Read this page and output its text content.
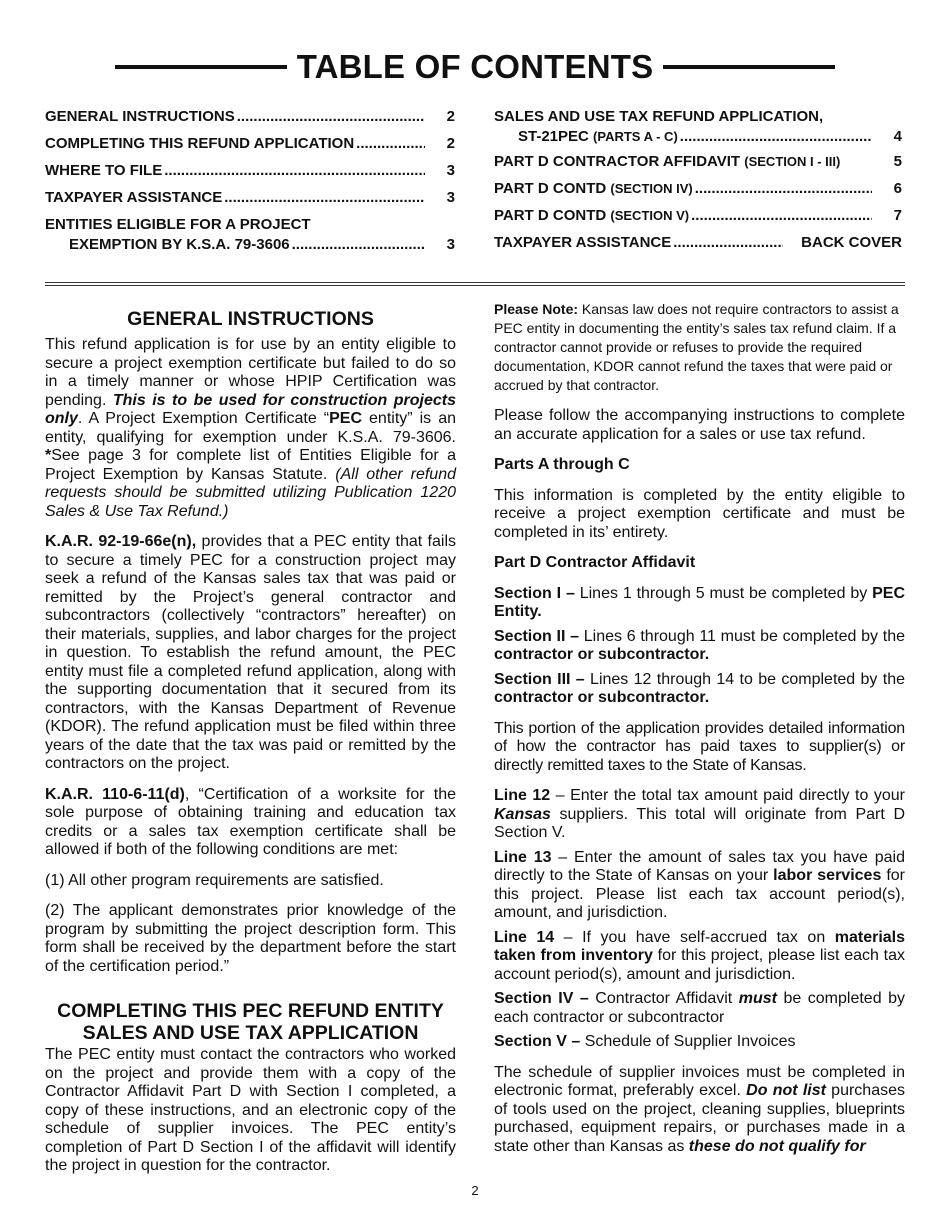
TABLE OF CONTENTS
GENERAL INSTRUCTIONS .....	2
COMPLETING THIS REFUND APPLICATION .....	2
WHERE TO FILE .....	3
TAXPAYER ASSISTANCE .....	3
ENTITIES ELIGIBLE FOR A PROJECT
EXEMPTION BY K.S.A. 79-3606 .....	3
SALES AND USE TAX REFUND APPLICATION,
ST-21PEC (PARTS A - C) .....	4
PART D CONTRACTOR AFFIDAVIT (SECTION I - III)	5
PART D CONTD (SECTION IV) .....	6
PART D CONTD (SECTION V) .....	7
TAXPAYER ASSISTANCE .....	BACK COVER
GENERAL INSTRUCTIONS

This refund application is for use by an entity eligible to secure a project exemption certificate but failed to do so in a timely manner or whose HPIP Certification was pending. This is to be used for construction projects only. A Project Exemption Certificate “PEC entity” is an entity, qualifying for exemption under K.S.A. 79-3606. *See page 3 for complete list of Entities Eligible for a Project Exemption by Kansas Statute. (All other refund requests should be submitted utilizing Publication 1220 Sales & Use Tax Refund.)

K.A.R. 92-19-66e(n), provides that a PEC entity that fails to secure a timely PEC for a construction project may seek a refund of the Kansas sales tax that was paid or remitted by the Project’s general contractor and subcontractors (collectively “contractors” hereafter) on their materials, supplies, and labor charges for the project in question. To establish the refund amount, the PEC entity must file a completed refund application, along with the supporting documentation that it secured from its contractors, with the Kansas Department of Revenue (KDOR). The refund application must be filed within three years of the date that the tax was paid or remitted by the contractors on the project.

K.A.R. 110-6-11(d), “Certification of a worksite for the sole purpose of obtaining training and education tax credits or a sales tax exemption certificate shall be allowed if both of the following conditions are met:

(1) All other program requirements are satisfied.

(2) The applicant demonstrates prior knowledge of the program by submitting the project description form. This form shall be received by the department before the start of the certification period.”

COMPLETING THIS PEC REFUND ENTITY
SALES AND USE TAX APPLICATION

The PEC entity must contact the contractors who worked on the project and provide them with a copy of the Contractor Affidavit Part D with Section I completed, a copy of these instructions, and an electronic copy of the schedule of supplier invoices. The PEC entity’s completion of Part D Section I of the affidavit will identify the project in question for the contractor.

Please Note: Kansas law does not require contractors to assist a PEC entity in documenting the entity’s sales tax refund claim. If a contractor cannot provide or refuses to provide the required documentation, KDOR cannot refund the taxes that were paid or accrued by that contractor.

Please follow the accompanying instructions to complete an accurate application for a sales or use tax refund.

Parts A through C

This information is completed by the entity eligible to receive a project exemption certificate and must be completed in its’ entirety.

Part D Contractor Affidavit

Section I – Lines 1 through 5 must be completed by PEC Entity.

Section II – Lines 6 through 11 must be completed by the contractor or subcontractor.

Section III – Lines 12 through 14 to be completed by the contractor or subcontractor.

This portion of the application provides detailed information of how the contractor has paid taxes to supplier(s) or directly remitted taxes to the State of Kansas.

Line 12 – Enter the total tax amount paid directly to your Kansas suppliers. This total will originate from Part D Section V.

Line 13 – Enter the amount of sales tax you have paid directly to the State of Kansas on your labor services for this project. Please list each tax account period(s), amount, and jurisdiction.

Line 14 – If you have self-accrued tax on materials taken from inventory for this project, please list each tax account period(s), amount and jurisdiction.

Section IV – Contractor Affidavit must be completed by each contractor or subcontractor

Section V – Schedule of Supplier Invoices

The schedule of supplier invoices must be completed in electronic format, preferably excel. Do not list purchases of tools used on the project, cleaning supplies, blueprints purchased, equipment repairs, or purchases made in a state other than Kansas as these do not qualify for

2
